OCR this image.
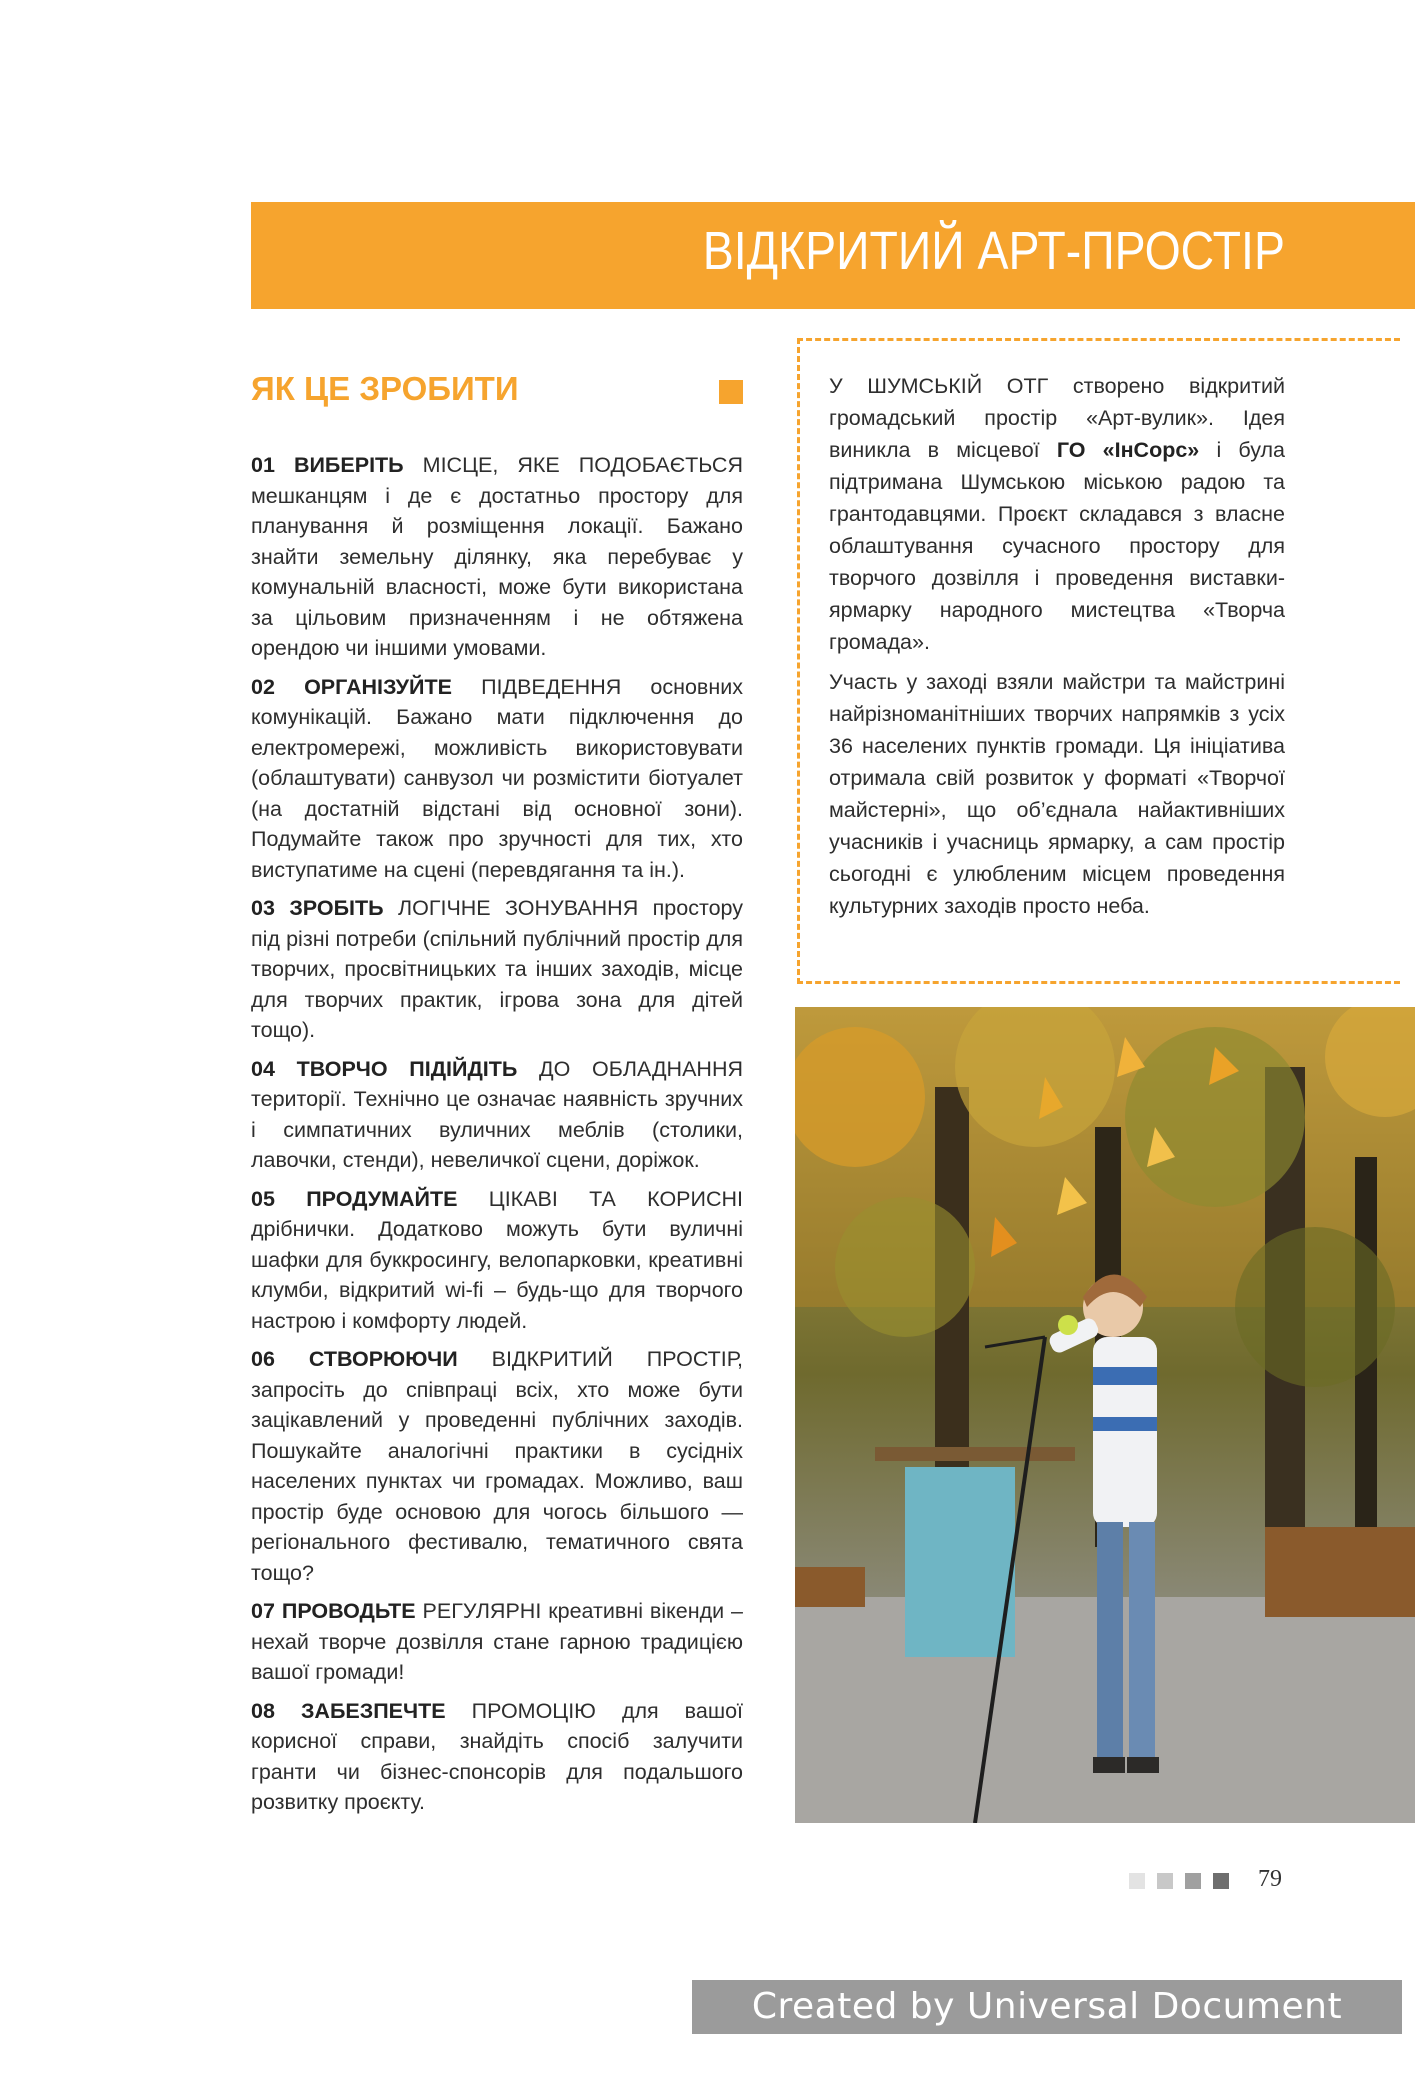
ВІДКРИТИЙ АРТ-ПРОСТІР
ЯК ЦЕ ЗРОБИТИ

01 ВИБЕРІТЬ МІСЦЕ, ЯКЕ ПОДОБАЄТЬСЯ мешканцям і де є достатньо простору для планування й розміщення локації. Бажано знайти земельну ділянку, яка перебуває у комунальній власності, може бути використана за цільовим призначенням і не обтяжена орендою чи іншими умовами.

02 ОРГАНІЗУЙТЕ ПІДВЕДЕННЯ основних комунікацій. Бажано мати підключення до електромережі, можливість використовувати (облаштувати) санвузол чи розмістити біотуалет (на достатній відстані від основної зони). Подумайте також про зручності для тих, хто виступатиме на сцені (перевдягання та ін.).

03 ЗРОБІТЬ ЛОГІЧНЕ ЗОНУВАННЯ простору під різні потреби (спільний публічний простір для творчих, просвітницьких та інших заходів, місце для творчих практик, ігрова зона для дітей тощо).

04 ТВОРЧО ПІДІЙДІТЬ ДО ОБЛАДНАННЯ території. Технічно це означає наявність зручних і симпатичних вуличних меблів (столики, лавочки, стенди), невеличкої сцени, доріжок.

05 ПРОДУМАЙТЕ ЦІКАВІ ТА КОРИСНІ дрібнички. Додатково можуть бути вуличні шафки для буккросингу, велопарковки, креативні клумби, відкритий wi-fi – будь-що для творчого настрою і комфорту людей.

06 СТВОРЮЮЧИ ВІДКРИТИЙ ПРОСТІР, запросіть до співпраці всіх, хто може бути зацікавлений у проведенні публічних заходів. Пошукайте аналогічні практики в сусідніх населених пунктах чи громадах. Можливо, ваш простір буде основою для чогось більшого — регіонального фестивалю, тематичного свята тощо?

07 ПРОВОДЬТЕ РЕГУЛЯРНІ креативні вікенди – нехай творче дозвілля стане гарною традицією вашої громади!

08 ЗАБЕЗПЕЧТЕ ПРОМОЦІЮ для вашої корисної справи, знайдіть спосіб залучити гранти чи бізнес-спонсорів для подальшого розвитку проєкту.

У ШУМСЬКІЙ ОТГ створено відкритий громадський простір «Арт-вулик». Ідея виникла в місцевої ГО «ІнСорс» і була підтримана Шумською міською радою та грантодавцями. Проєкт складався з власне облаштування сучасного простору для творчого дозвілля і проведення виставки-ярмарку народного мистецтва «Творча громада».

Участь у заході взяли майстри та майстрині найрізноманітніших творчих напрямків з усіх 36 населених пунктів громади. Ця ініціатива отримала свій розвиток у форматі «Творчої майстерні», що об’єднала найактивніших учасників і учасниць ярмарку, а сам простір сьогодні є улюбленим місцем проведення культурних заходів просто неба.

79
Created by Universal Document Converter
